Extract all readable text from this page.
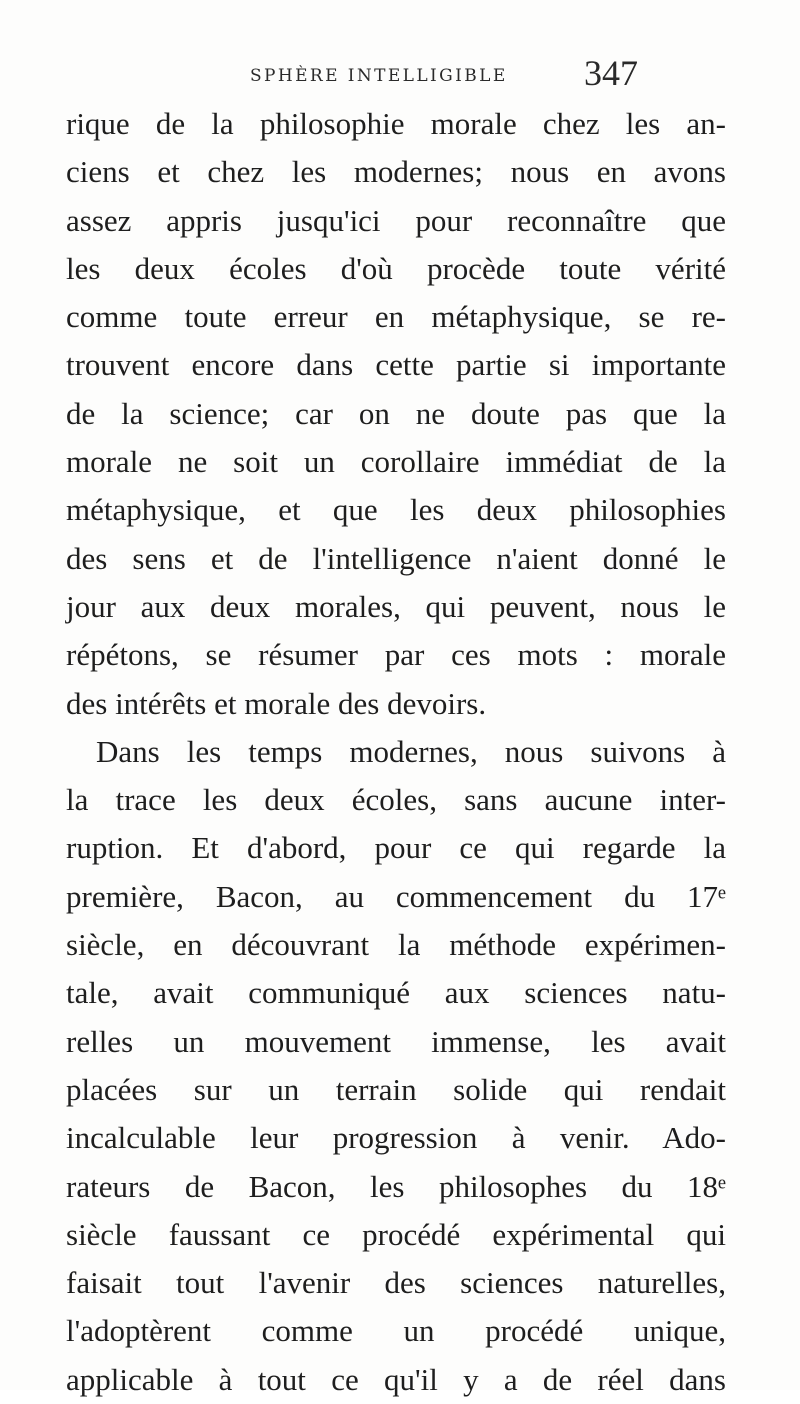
SPHÈRE INTELLIGIBLE 347
rique de la philosophie morale chez les an-
ciens et chez les modernes; nous en avons
assez appris jusqu'ici pour reconnaître que
les deux écoles d'où procède toute vérité
comme toute erreur en métaphysique, se re-
trouvent encore dans cette partie si importante
de la science; car on ne doute pas que la
morale ne soit un corollaire immédiat de la
métaphysique, et que les deux philosophies
des sens et de l'intelligence n'aient donné le
jour aux deux morales, qui peuvent, nous le
répétons, se résumer par ces mots : morale
des intérêts et morale des devoirs.
Dans les temps modernes, nous suivons à
la trace les deux écoles, sans aucune inter-
ruption. Et d'abord, pour ce qui regarde la
première, Bacon, au commencement du 17ᵉ
siècle, en découvrant la méthode expérimen-
tale, avait communiqué aux sciences natu-
relles un mouvement immense, les avait
placées sur un terrain solide qui rendait
incalculable leur progression à venir. Ado-
rateurs de Bacon, les philosophes du 18ᵉ
siècle faussant ce procédé expérimental qui
faisait tout l'avenir des sciences naturelles,
l'adoptèrent comme un procédé unique,
applicable à tout ce qu'il y a de réel dans
